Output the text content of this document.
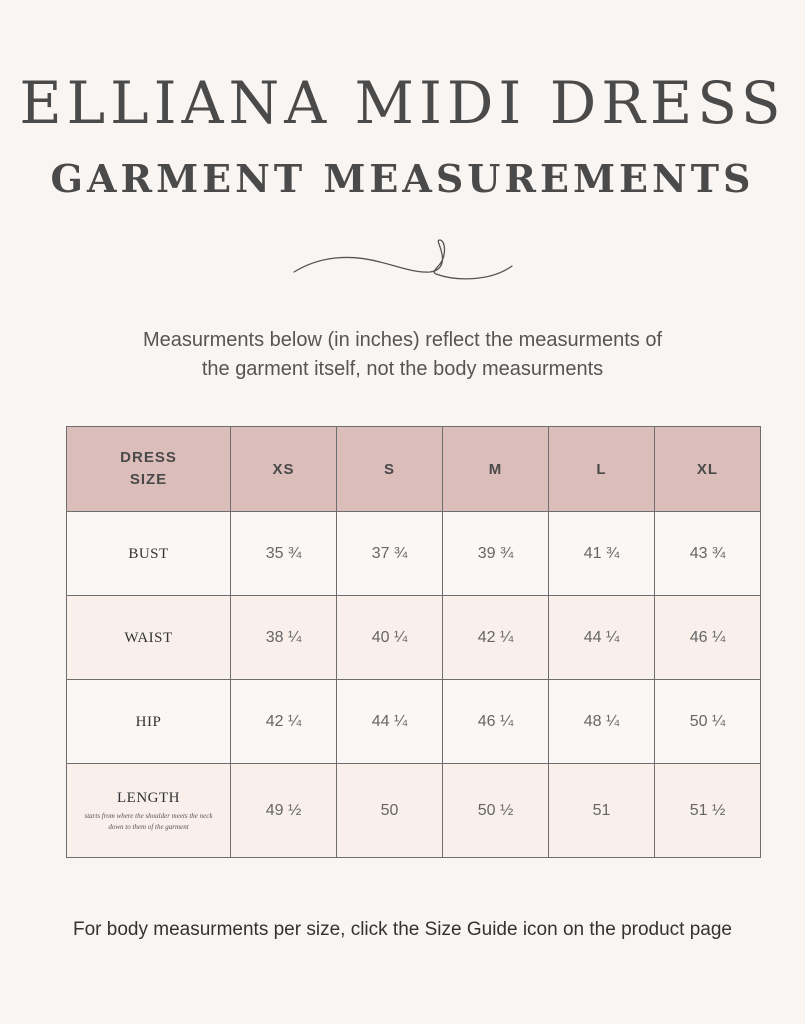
ELLIANA MIDI DRESS
GARMENT MEASUREMENTS

Measurments below (in inches) reflect the measurments of
the garment itself, not the body measurments

DRESS
SIZE	XS	S	M	L	XL
BUST	35 ¾	37 ¾	39 ¾	41 ¾	43 ¾
WAIST	38 ¼	40 ¼	42 ¼	44 ¼	46 ¼
HIP	42 ¼	44 ¼	46 ¼	48 ¼	50 ¼
LENGTH
starts from where the shoulder meets the neck down to them of the garment	49 ½	50	50 ½	51	51 ½

For body measurments per size, click the Size Guide icon on the product page
